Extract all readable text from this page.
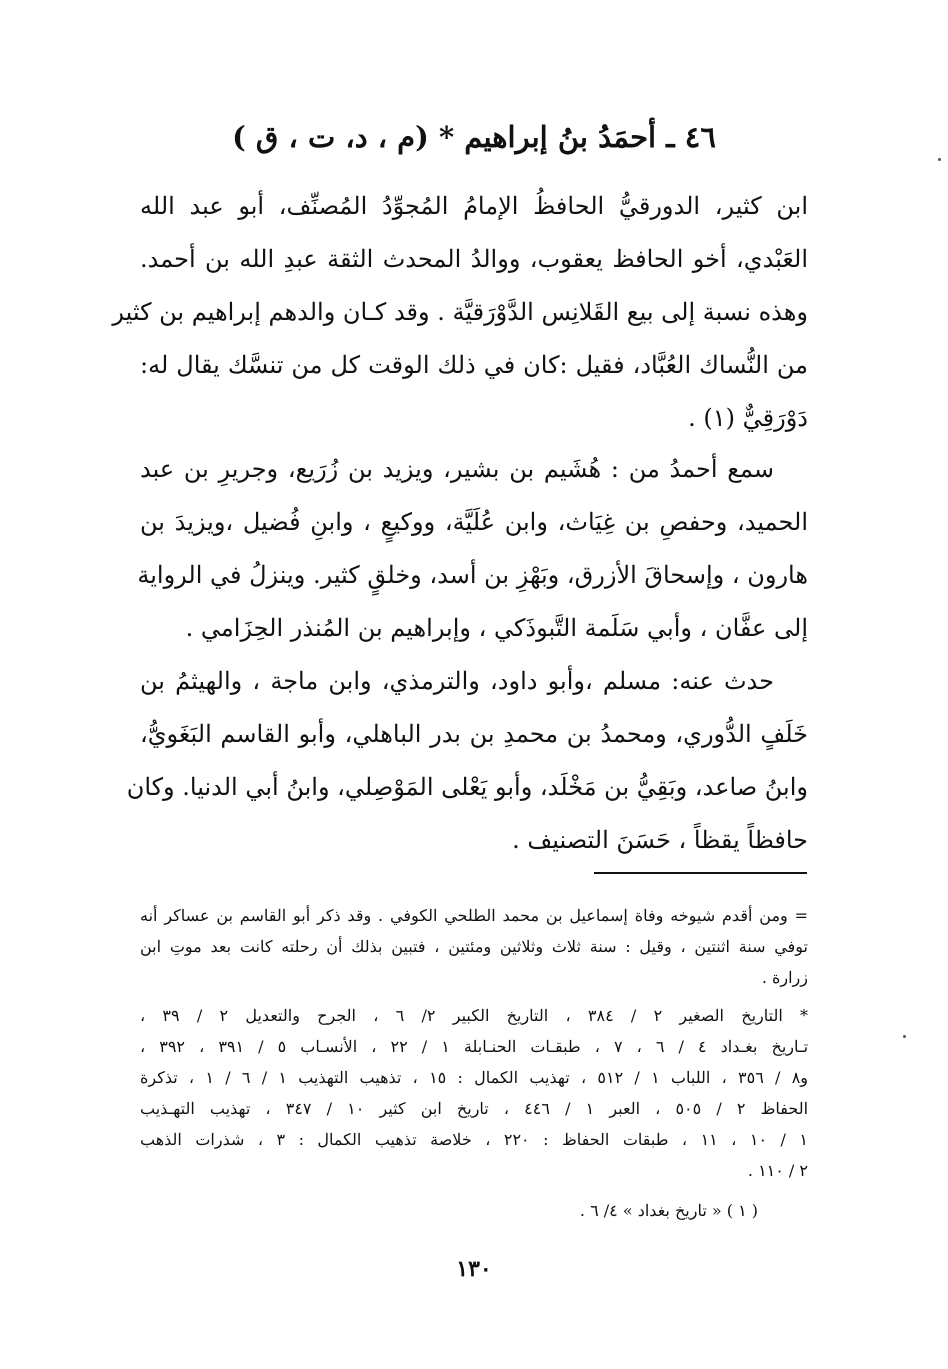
٤٦ ـ أحمَدُ بنُ إبراهيم * (م ، د، ت ، ق )

ابن كثير، الدورقيُّ الحافظُ الإمامُ المُجوِّدُ المُصنِّف، أبو عبد الله
العَبْدي، أخو الحافظ يعقوب، ووالدُ المحدث الثقة عبدِ الله بن أحمد.
وهذه نسبة إلى بيع القَلانِس الدَّوْرَقيَّة . وقد كـان والدهم إبراهيم بن كثير
من النُّساك العُبَّاد، فقيل :كان في ذلك الوقت كل من تنسَّك يقال له:
دَوْرَقِيٌّ (١) .

سمع أحمدُ من : هُشَيم بن بشير، ويزيد بن زُرَيع، وجريرِ بن عبد
الحميد، وحفصِ بن غِيَاث، وابن عُلَيَّة، ووكيعٍ ، وابنِ فُضيل ،ويزيدَ بن
هارون ، وإسحاقَ الأزرق، وبَهْزِ بن أسد، وخلقٍ كثير. وينزلُ في الرواية
إلى عفَّان ، وأبي سَلَمة التَّبوذَكي ، وإبراهيم بن المُنذر الحِزَامي .

حدث عنه: مسلم ،وأبو داود، والترمذي، وابن ماجة ، والهيثمُ بن
خَلَفٍ الدُّوري، ومحمدُ بن محمدِ بن بدر الباهلي، وأبو القاسم البَغَويُّ،
وابنُ صاعد، وبَقِيُّ بن مَخْلَد، وأبو يَعْلى المَوْصِلي، وابنُ أبي الدنيا. وكان
حافظاً يقظاً ، حَسَنَ التصنيف .

= ومن أقدم شيوخه وفاة إسماعيل بن محمد الطلحي الكوفي . وقد ذكر أبو القاسم بن عساكر أنه
توفي سنة اثنتين ، وقيل : سنة ثلاث وثلاثين ومئتين ، فتبين بذلك أن رحلته كانت بعد موتِ ابن
زرارة .
* التاريخ الصغير ٢ / ٣٨٤ ، التاريخ الكبير ٢/ ٦ ، الجرح والتعديل ٢ / ٣٩ ،
تـاريخ بغـداد ٤ / ٦ ، ٧ ، طبقـات الحنـابلة ١ / ٢٢ ، الأنسـاب ٥ / ٣٩١ ، ٣٩٢ ،
و٨ / ٣٥٦ ، اللباب ١ / ٥١٢ ، تهذيب الكمال : ١٥ ، تذهيب التهذيب ١ / ٦ / ١ ، تذكرة
الحفاظ ٢ / ٥٠٥ ، العبر ١ / ٤٤٦ ، تاريخ ابن كثير ١٠ / ٣٤٧ ، تهذيب التهـذيب
١ / ١٠ ، ١١ ، طبقات الحفاظ : ٢٢٠ ، خلاصة تذهيب الكمال : ٣ ، شذرات الذهب
٢ / ١١٠ .
( ١ ) « تاريخ بغداد » ٤/ ٦ .
١٣٠
